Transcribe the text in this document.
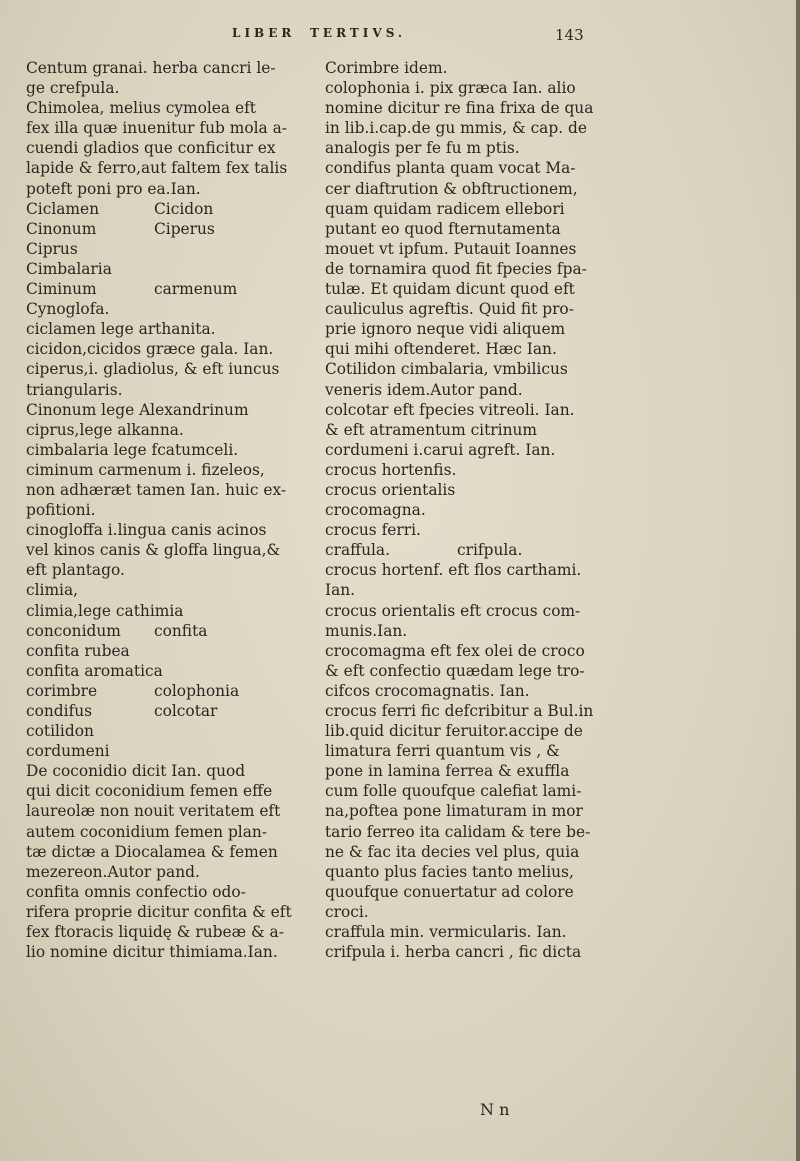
LIBER TERTIVS.	143
Centum granai. herba cancri le-
ge crefpula.
Chimolea, melius cymolea eft
fex illa quæ inuenitur fub mola a-
cuendi gladios que conficitur ex
lapide & ferro,aut faltem fex talis
poteft poni pro ea.Ian.
Ciclamen	Cicidon
Cinonum	Ciperus
Ciprus
Cimbalaria
Ciminum	carmenum
Cynoglofa.
ciclamen lege arthanita.
cicidon,cicidos græce gala. Ian.
ciperus,i. gladiolus, & eft iuncus
triangularis.
Cinonum lege Alexandrinum
ciprus,lege alkanna.
cimbalaria lege fcatumceli.
ciminum carmenum i. fizeleos,
non adhæræt tamen Ian. huic ex-
pofitioni.
cinogloffa i.lingua canis acinos
vel kinos canis & gloffa lingua,&
eft plantago.
climia,
climia,lege cathimia
conconidum confita
confita rubea
confita aromatica
corimbre	colophonia
condifus	colcotar
cotilidon
cordumeni
De coconidio dicit Ian. quod
qui dicit coconidium femen effe
laureolæ non nouit veritatem eft
autem coconidium femen plan-
tæ dictæ a Diocalamea & femen
mezereon.Autor pand.
confita omnis confectio odo-
rifera proprie dicitur confita & eft
fex ftoracis liquidę & rubeæ & a-
lio nomine dicitur thimiama.Ian.
Corimbre idem.
colophonia i. pix græca Ian. alio
nomine dicitur re fina frixa de qua
in lib.i.cap.de gu mmis, & cap. de
analogis per fe fu m ptis.
condifus planta quam vocat Ma-
cer diaftrution & obftructionem,
quam quidam radicem ellebori
putant eo quod fternutamenta
mouet vt ipfum. Putauit Ioannes
de tornamira quod fit fpecies fpa-
tulæ. Et quidam dicunt quod eft
cauliculus agreftis. Quid fit pro-
prie ignoro neque vidi aliquem
qui mihi oftenderet. Hæc Ian.
Cotilidon cimbalaria, vmbilicus
veneris idem.Autor pand.
colcotar eft fpecies vitreoli. Ian.
& eft atramentum citrinum
cordumeni i.carui agreft. Ian.
crocus hortenfis.
crocus orientalis
crocomagna.
crocus ferri.
craffula.	crifpula.
crocus hortenf. eft flos carthami.
Ian.
crocus orientalis eft crocus com-
munis.Ian.
crocomagma eft fex olei de croco
& eft confectio quædam lege tro-
cifcos crocomagnatis. Ian.
crocus ferri fic defcribitur a Bul.in
lib.quid dicitur feruitor.accipe de
limatura ferri quantum vis , &
pone in lamina ferrea & exuffla
cum folle quoufque calefiat lami-
na,poftea pone limaturam in mor
tario ferreo ita calidam & tere be-
ne & fac ita decies vel plus, quia
quanto plus facies tanto melius,
quoufque conuertatur ad colore
croci.
craffula min. vermicularis. Ian.
crifpula i. herba cancri , fic dicta
N n
